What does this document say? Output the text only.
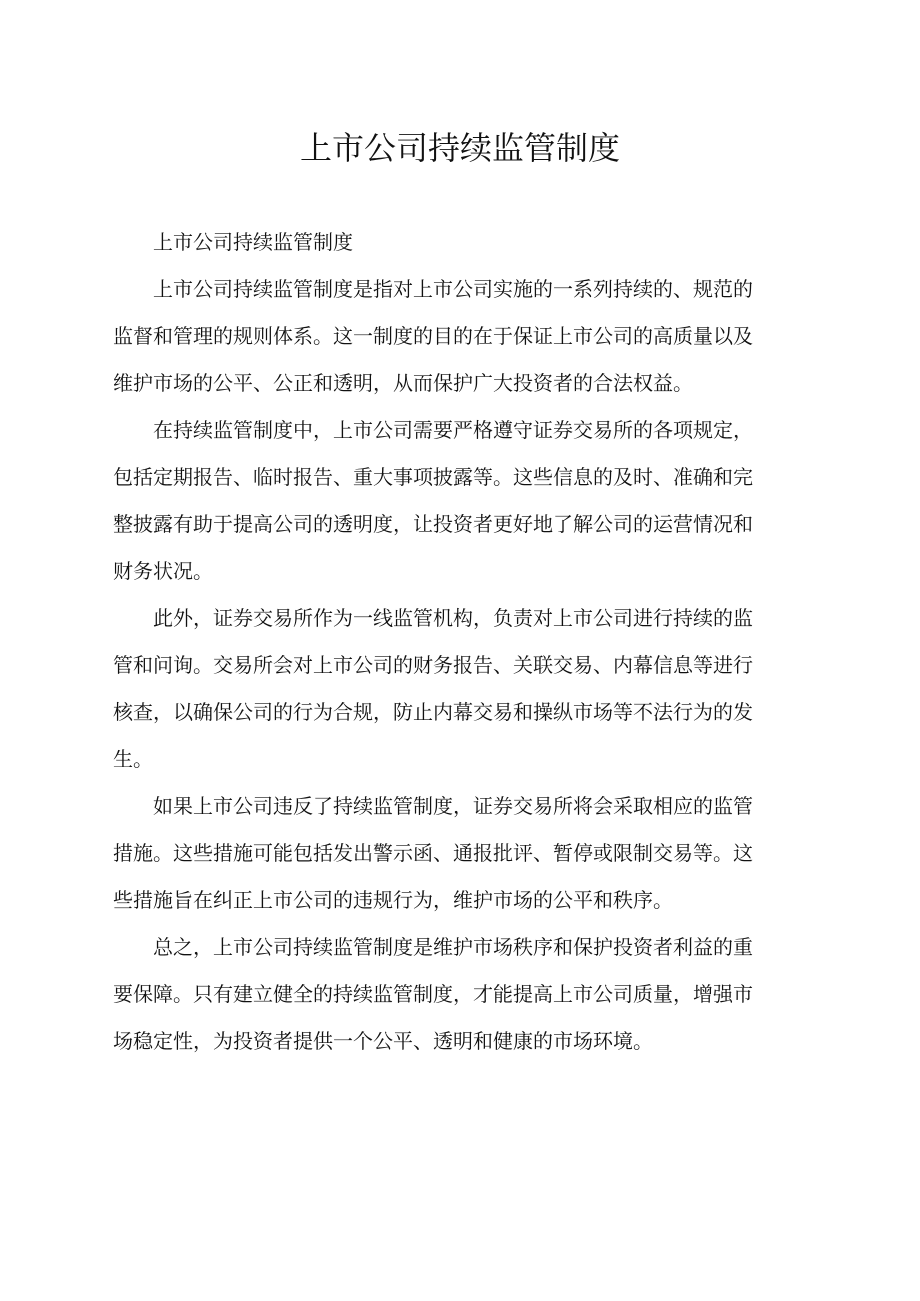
上市公司持续监管制度

上市公司持续监管制度

上市公司持续监管制度是指对上市公司实施的一系列持续的、规范的
监督和管理的规则体系。这一制度的目的在于保证上市公司的高质量以及
维护市场的公平、公正和透明，从而保护广大投资者的合法权益。

在持续监管制度中，上市公司需要严格遵守证券交易所的各项规定，
包括定期报告、临时报告、重大事项披露等。这些信息的及时、准确和完
整披露有助于提高公司的透明度，让投资者更好地了解公司的运营情况和
财务状况。

此外，证券交易所作为一线监管机构，负责对上市公司进行持续的监
管和问询。交易所会对上市公司的财务报告、关联交易、内幕信息等进行
核查，以确保公司的行为合规，防止内幕交易和操纵市场等不法行为的发
生。

如果上市公司违反了持续监管制度，证券交易所将会采取相应的监管
措施。这些措施可能包括发出警示函、通报批评、暂停或限制交易等。这
些措施旨在纠正上市公司的违规行为，维护市场的公平和秩序。

总之，上市公司持续监管制度是维护市场秩序和保护投资者利益的重
要保障。只有建立健全的持续监管制度，才能提高上市公司质量，增强市
场稳定性，为投资者提供一个公平、透明和健康的市场环境。
